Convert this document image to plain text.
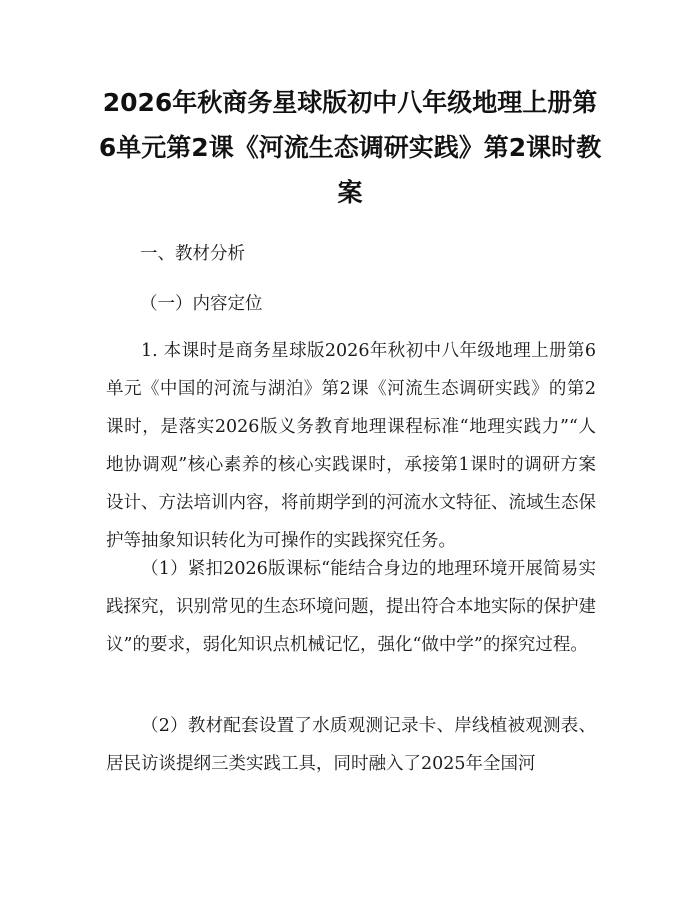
2026年秋商务星球版初中八年级地理上册第6单元第2课《河流生态调研实践》第2课时教案

一、教材分析

（一）内容定位

1. 本课时是商务星球版2026年秋初中八年级地理上册第6单元《中国的河流与湖泊》第2课《河流生态调研实践》的第2课时，是落实2026版义务教育地理课程标准“地理实践力”“人地协调观”核心素养的核心实践课时，承接第1课时的调研方案设计、方法培训内容，将前期学到的河流水文特征、流域生态保护等抽象知识转化为可操作的实践探究任务。

（1）紧扣2026版课标“能结合身边的地理环境开展简易实践探究，识别常见的生态环境问题，提出符合本地实际的保护建议”的要求，弱化知识点机械记忆，强化“做中学”的探究过程。

（2）教材配套设置了水质观测记录卡、岸线植被观测表、居民访谈提纲三类实践工具，同时融入了2025年全国河
